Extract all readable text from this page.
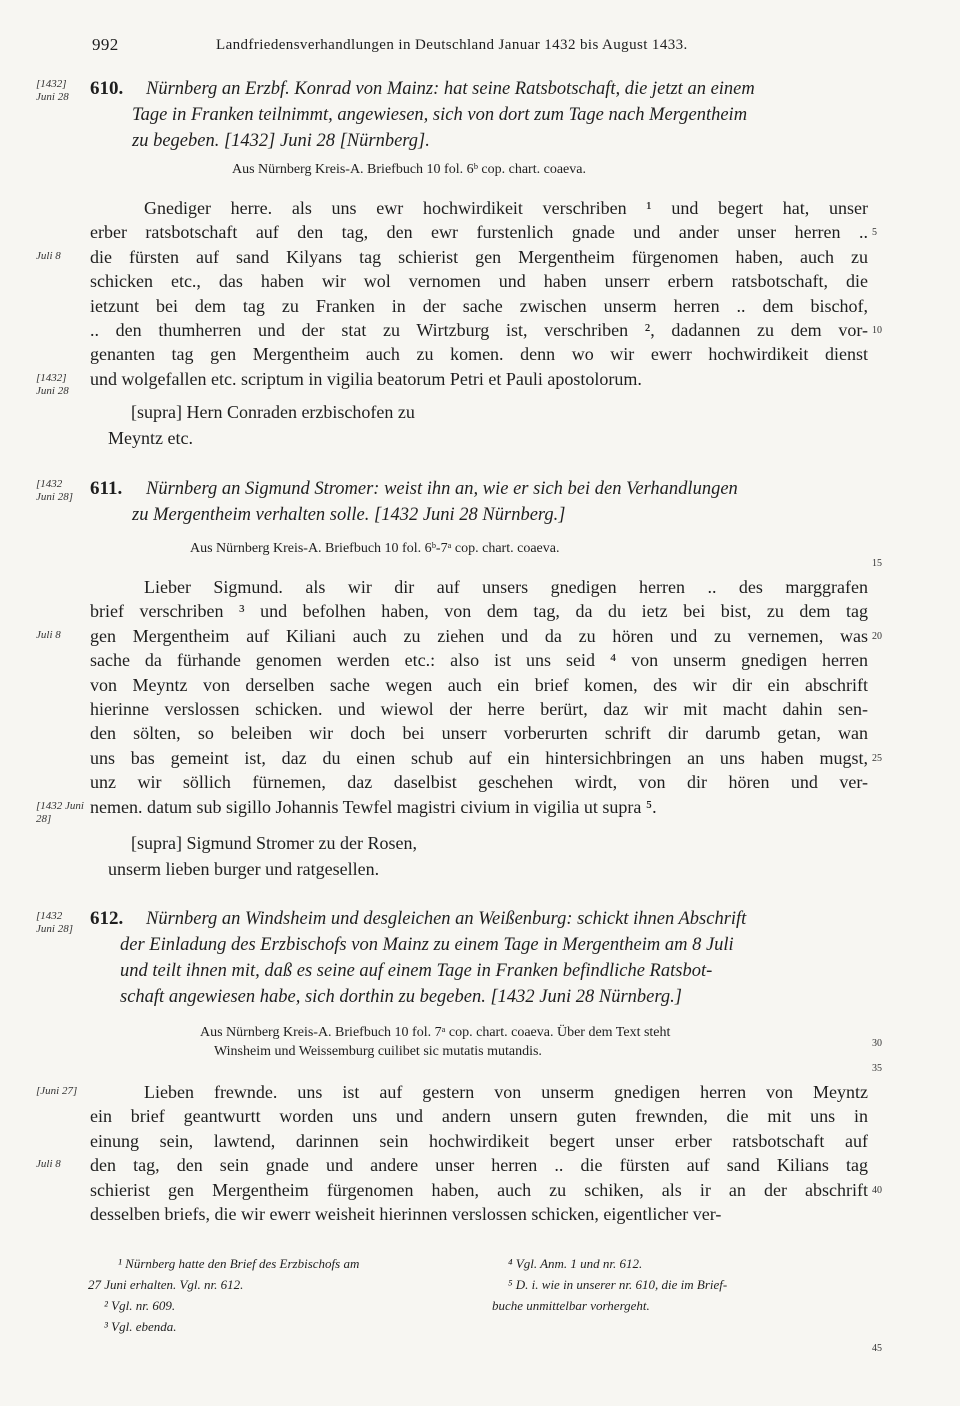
992	Landfriedensverhandlungen in Deutschland Januar 1432 bis August 1433.
[1432] Juni 28	610.	Nürnberg an Erzbf. Konrad von Mainz: hat seine Ratsbotschaft, die jetzt an einem
Tage in Franken teilnimmt, angewiesen, sich von dort zum Tage nach Mergentheim
zu begeben. [1432] Juni 28 [Nürnberg].
Aus Nürnberg Kreis-A. Briefbuch 10 fol. 6ᵇ cop. chart. coaeva.
Gnediger herre. als uns ewr hochwirdikeit verschriben ¹ und begert hat, unser
erber ratsbotschaft auf den tag, den ewr furstenlich gnade und ander unser herren ..
die fürsten auf sand Kilyans tag schierist gen Mergentheim fürgenomen haben, auch zu
schicken etc., das haben wir wol vernomen und haben unserr erbern ratsbotschaft, die
ietzunt bei dem tag zu Franken in der sache zwischen unserm herren .. dem bischof,
.. den thumherren und der stat zu Wirtzburg ist, verschriben ², dadannen zu dem vor-
genanten tag gen Mergentheim auch zu komen. denn wo wir ewerr hochwirdikeit dienst
und wolgefallen etc. scriptum in vigilia beatorum Petri et Pauli apostolorum.
Juli 8
[1432] Juni 28
5
10
[supra] Hern Conraden erzbischofen zu
Meyntz etc.
[1432 Juni 28] 611.	Nürnberg an Sigmund Stromer: weist ihn an, wie er sich bei den Verhandlungen
zu Mergentheim verhalten solle. [1432 Juni 28 Nürnberg.]
Aus Nürnberg Kreis-A. Briefbuch 10 fol. 6ᵇ-7ᵃ cop. chart. coaeva.
Lieber Sigmund. als wir dir auf unsers gnedigen herren .. des marggrafen
brief verschriben ³ und befolhen haben, von dem tag, da du ietz bei bist, zu dem tag
gen Mergentheim auf Kiliani auch zu ziehen und da zu hören und zu vernemen, was
sache da fürhande genomen werden etc.: also ist uns seid ⁴ von unserm gnedigen herren
von Meyntz von derselben sache wegen auch ein brief komen, des wir dir ein abschrift
hierinne verslossen schicken. und wiewol der herre berürt, daz wir mit macht dahin sen-
den sölten, so beleiben wir doch bei unserr vorberurten schrift dir darumb getan, wan
uns bas gemeint ist, daz du einen schub auf ein hintersichbringen an uns haben mugst,
unz wir söllich fürnemen, daz daselbist geschehen wirdt, von dir hören und ver-
nemen. datum sub sigillo Johannis Tewfel magistri civium in vigilia ut supra ⁵.
Juli 8
[1432 Juni 28]
15
20
25
[supra] Sigmund Stromer zu der Rosen,
unserm lieben burger und ratgesellen.
[1432 Juni 28] 612.	Nürnberg an Windsheim und desgleichen an Weißenburg: schickt ihnen Abschrift
der Einladung des Erzbischofs von Mainz zu einem Tage in Mergentheim am 8 Juli
und teilt ihnen mit, daß es seine auf einem Tage in Franken befindliche Ratsbot-
schaft angewiesen habe, sich dorthin zu begeben. [1432 Juni 28 Nürnberg.]
Aus Nürnberg Kreis-A. Briefbuch 10 fol. 7ᵃ cop. chart. coaeva. Über dem Text steht
Winsheim und Weissemburg cuilibet sic mutatis mutandis.
Lieben frewnde. uns ist auf gestern von unserm gnedigen herren von Meyntz
ein brief geantwurtt worden uns und andern unsern guten frewnden, die mit uns in
einung sein, lawtend, darinnen sein hochwirdikeit begert unser erber ratsbotschaft auf
den tag, den sein gnade und andere unser herren .. die fürsten auf sand Kilians tag
schierist gen Mergentheim fürgenomen haben, auch zu schiken, als ir an der abschrift
desselben briefs, die wir ewerr weisheit hierinnen verslossen schicken, eigentlicher ver-
[Juni 27]
Juli 8
30
35
40
¹ Nürnberg hatte den Brief des Erzbischofs am
27 Juni erhalten. Vgl. nr. 612.
² Vgl. nr. 609.
³ Vgl. ebenda.
⁴ Vgl. Anm. 1 und nr. 612.
⁵ D. i. wie in unserer nr. 610, die im Brief-
buche unmittelbar vorhergeht.
45
